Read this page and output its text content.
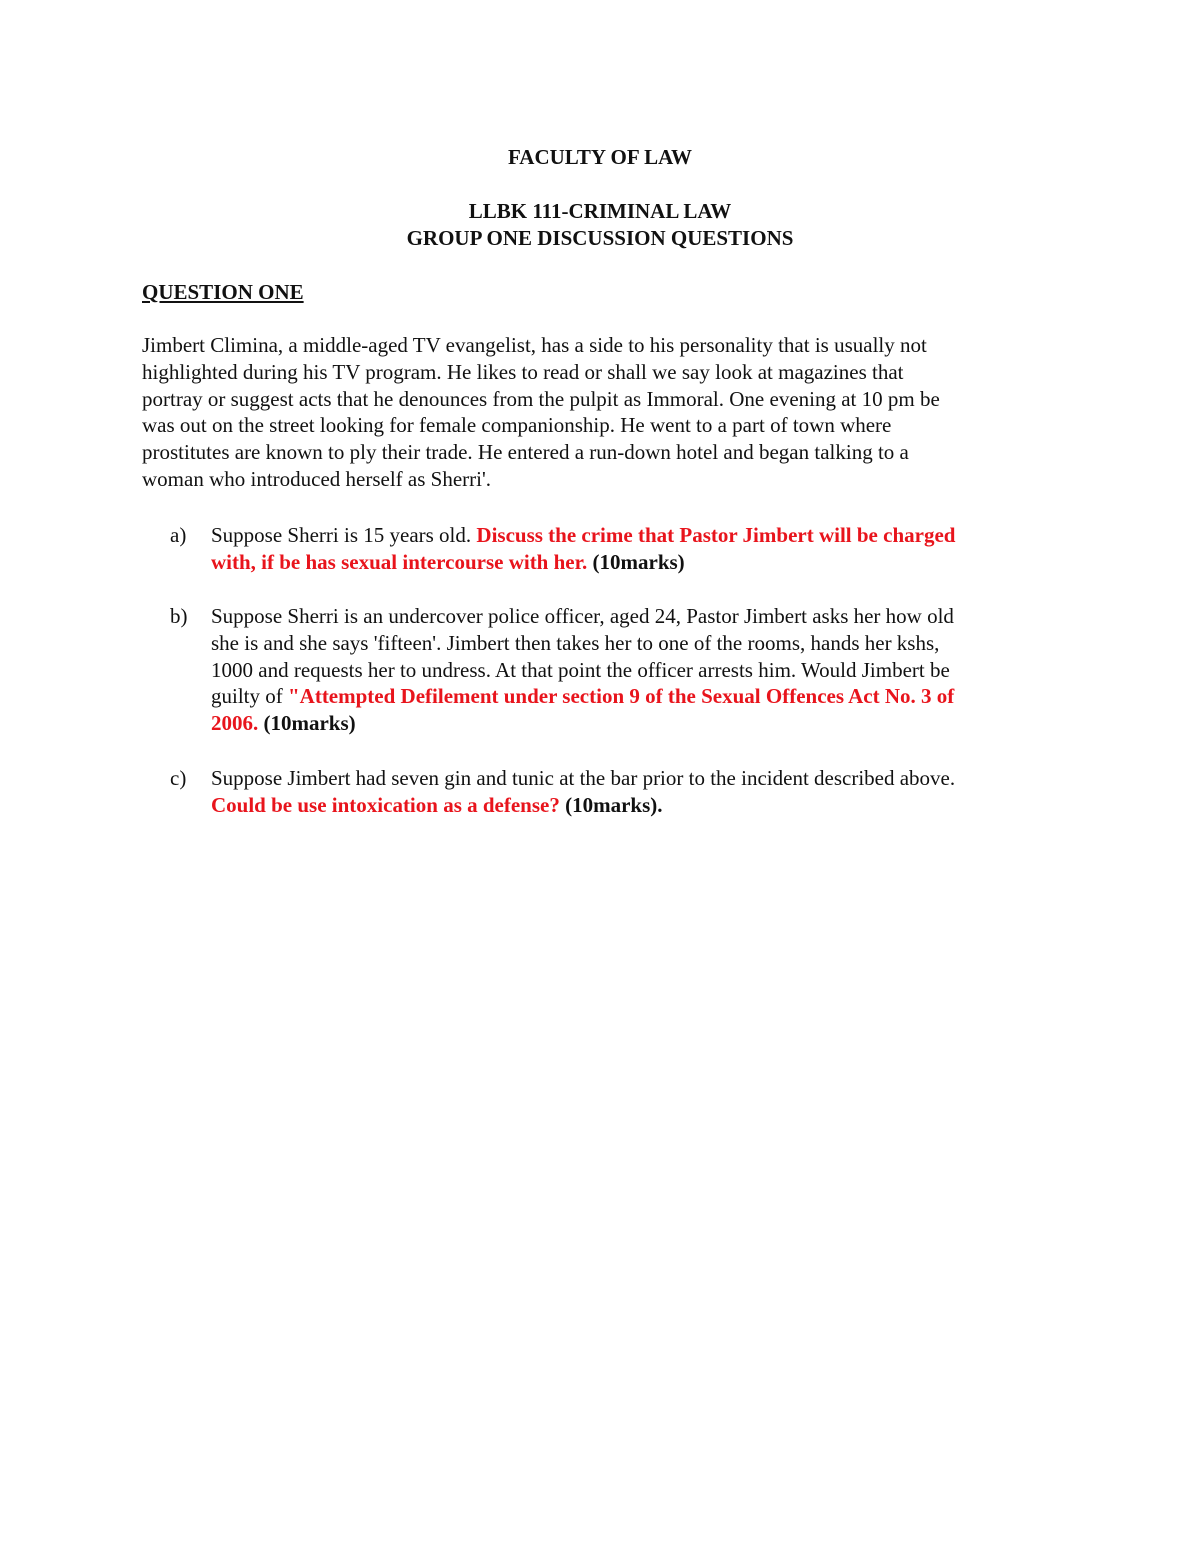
FACULTY OF LAW
LLBK 111-CRIMINAL LAW
GROUP ONE DISCUSSION QUESTIONS
QUESTION ONE

Jimbert Climina, a middle-aged TV evangelist, has a side to his personality that is usually not
highlighted during his TV program. He likes to read or shall we say look at magazines that
portray or suggest acts that he denounces from the pulpit as Immoral. One evening at 10 pm be
was out on the street looking for female companionship. He went to a part of town where
prostitutes are known to ply their trade. He entered a run-down hotel and began talking to a
woman who introduced herself as Sherri'.

a)	Suppose Sherri is 15 years old. Discuss the crime that Pastor Jimbert will be charged
with, if be has sexual intercourse with her. (10marks)
b)	Suppose Sherri is an undercover police officer, aged 24, Pastor Jimbert asks her how old
she is and she says 'fifteen'. Jimbert then takes her to one of the rooms, hands her kshs,
1000 and requests her to undress. At that point the officer arrests him. Would Jimbert be
guilty of "Attempted Defilement under section 9 of the Sexual Offences Act No. 3 of
2006. (10marks)
c)	Suppose Jimbert had seven gin and tunic at the bar prior to the incident described above.
Could be use intoxication as a defense? (10marks).
